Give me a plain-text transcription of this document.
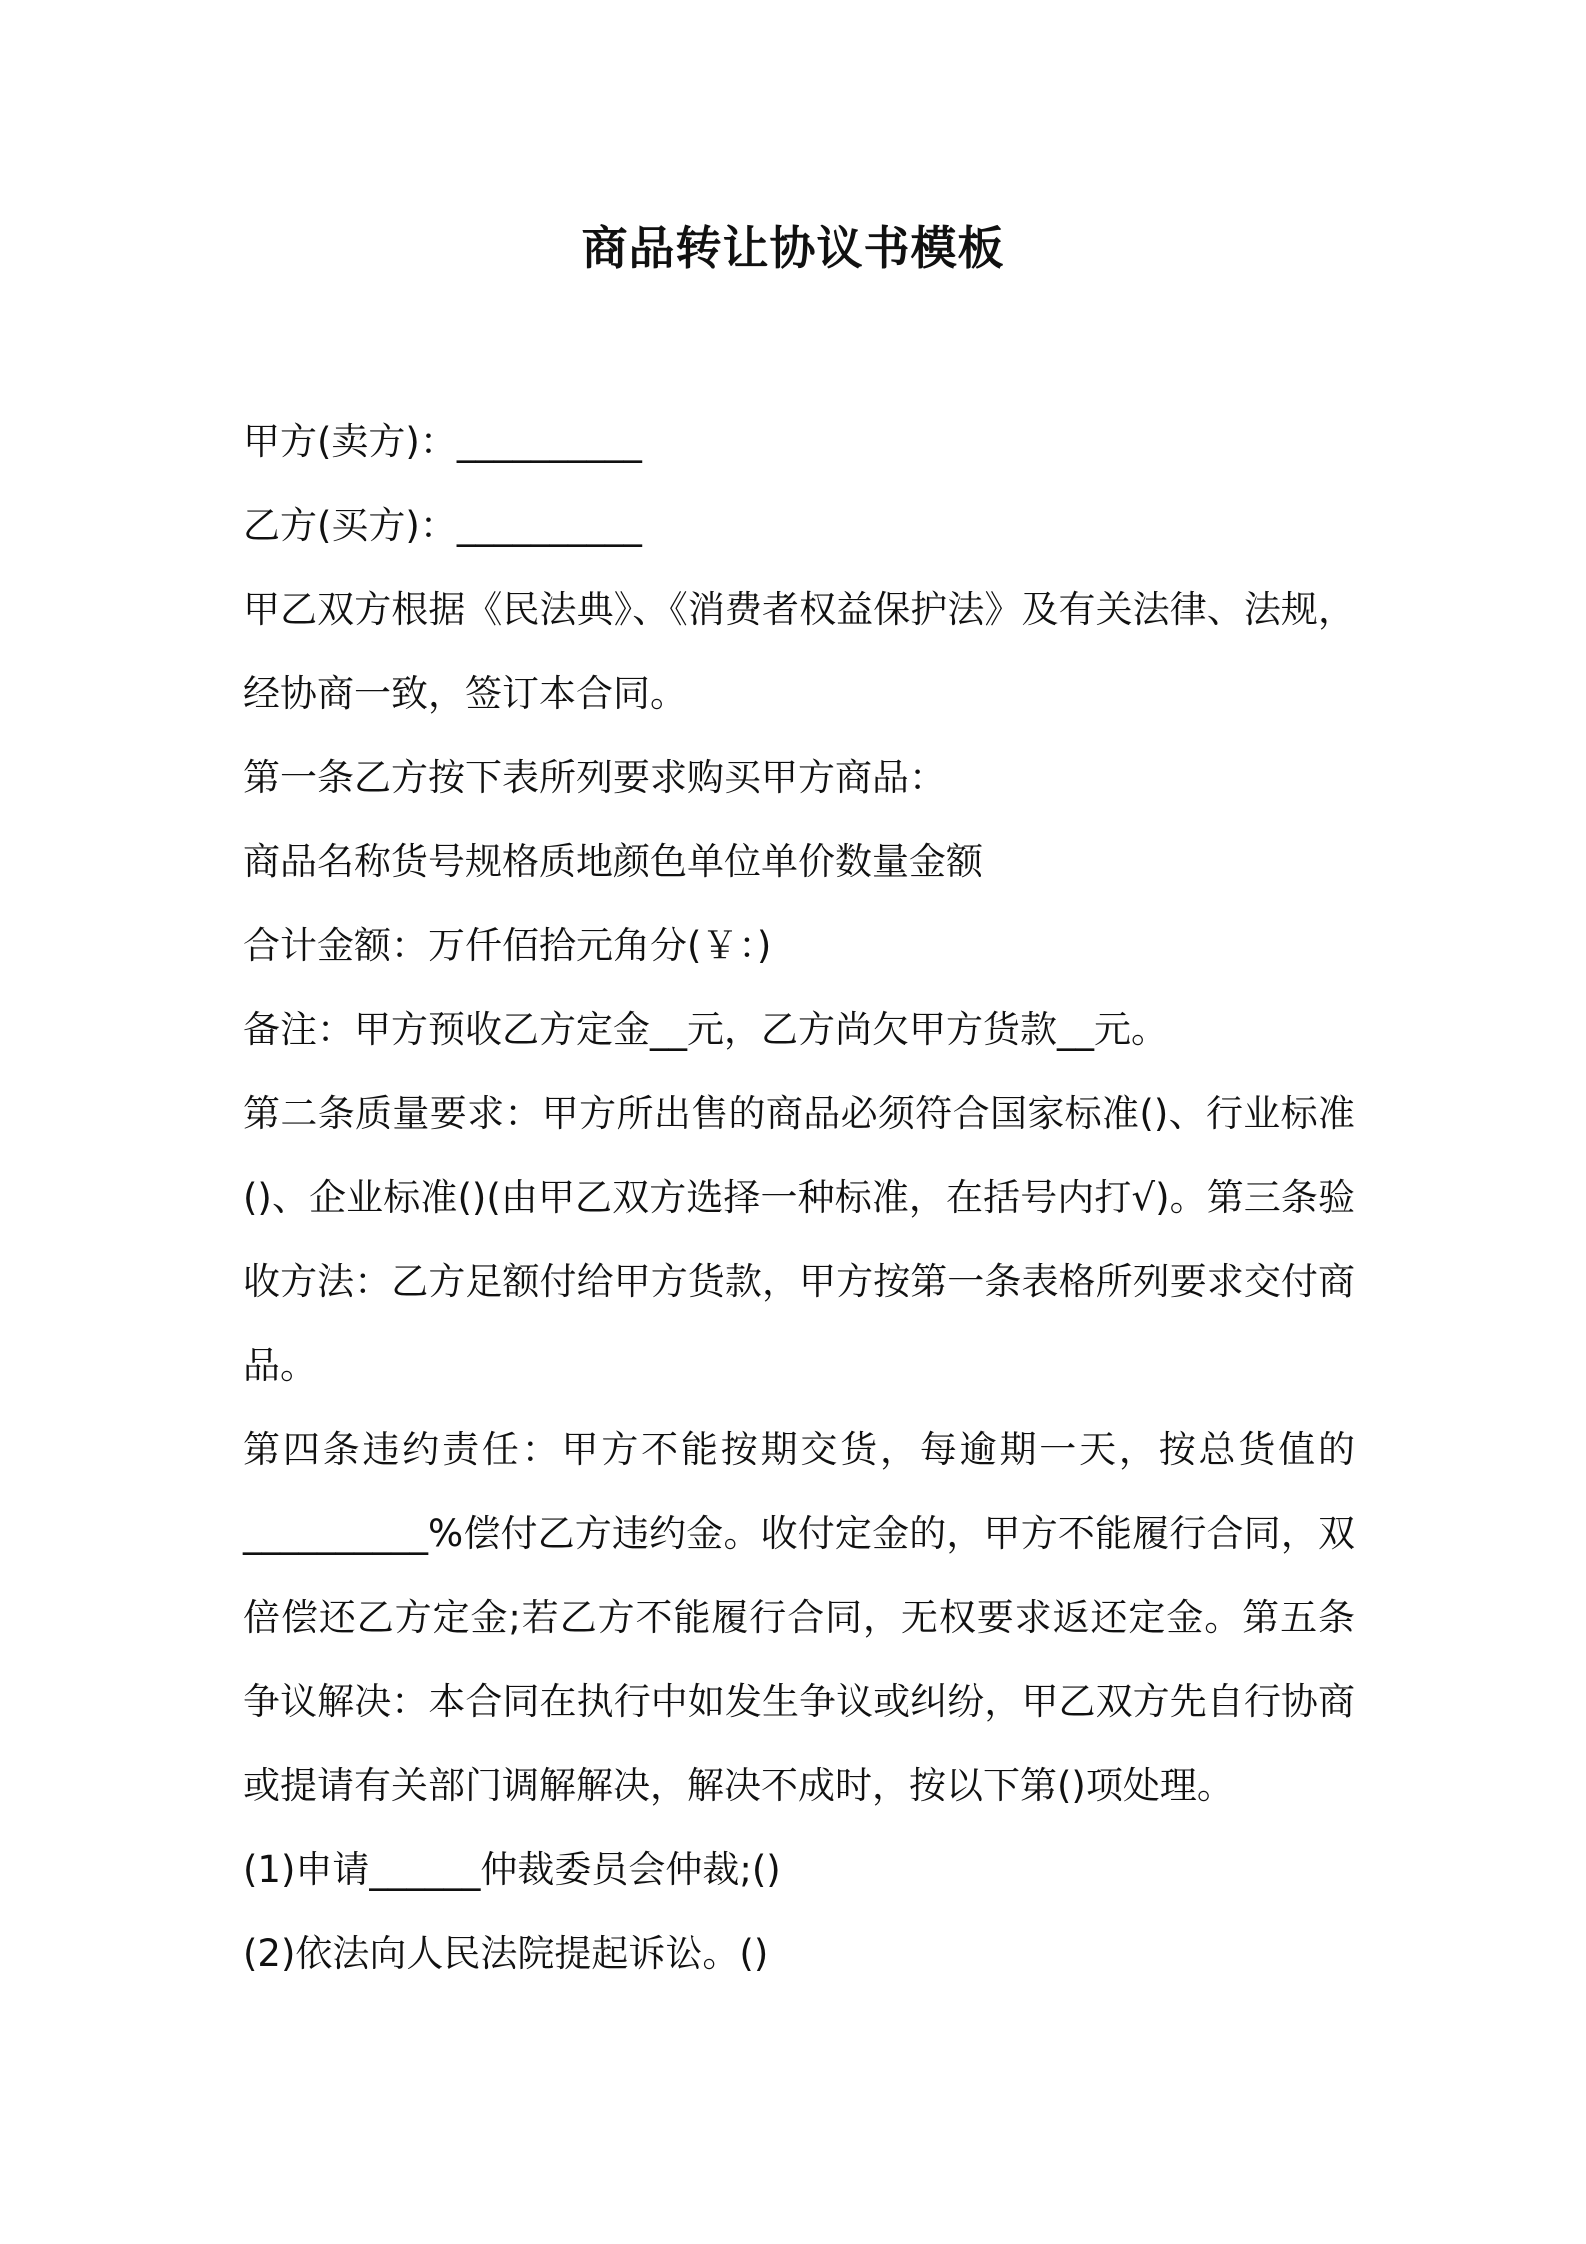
商品转让协议书模板
甲方(卖方)：__________
乙方(买方)：__________
甲乙双方根据《民法典》、《消费者权益保护法》及有关法律、法规，
经协商一致，签订本合同。
第一条乙方按下表所列要求购买甲方商品：
商品名称货号规格质地颜色单位单价数量金额
合计金额：万仟佰拾元角分(￥：)
备注：甲方预收乙方定金__元，乙方尚欠甲方货款__元。
第二条质量要求：甲方所出售的商品必须符合国家标准()、行业标准
()、企业标准()(由甲乙双方选择一种标准，在括号内打√)。第三条验
收方法：乙方足额付给甲方货款，甲方按第一条表格所列要求交付商
品。
第四条违约责任：甲方不能按期交货，每逾期一天，按总货值的
__________%偿付乙方违约金。收付定金的，甲方不能履行合同，双
倍偿还乙方定金;若乙方不能履行合同，无权要求返还定金。第五条
争议解决：本合同在执行中如发生争议或纠纷，甲乙双方先自行协商
或提请有关部门调解解决，解决不成时，按以下第()项处理。
(1)申请______仲裁委员会仲裁;()
(2)依法向人民法院提起诉讼。()
